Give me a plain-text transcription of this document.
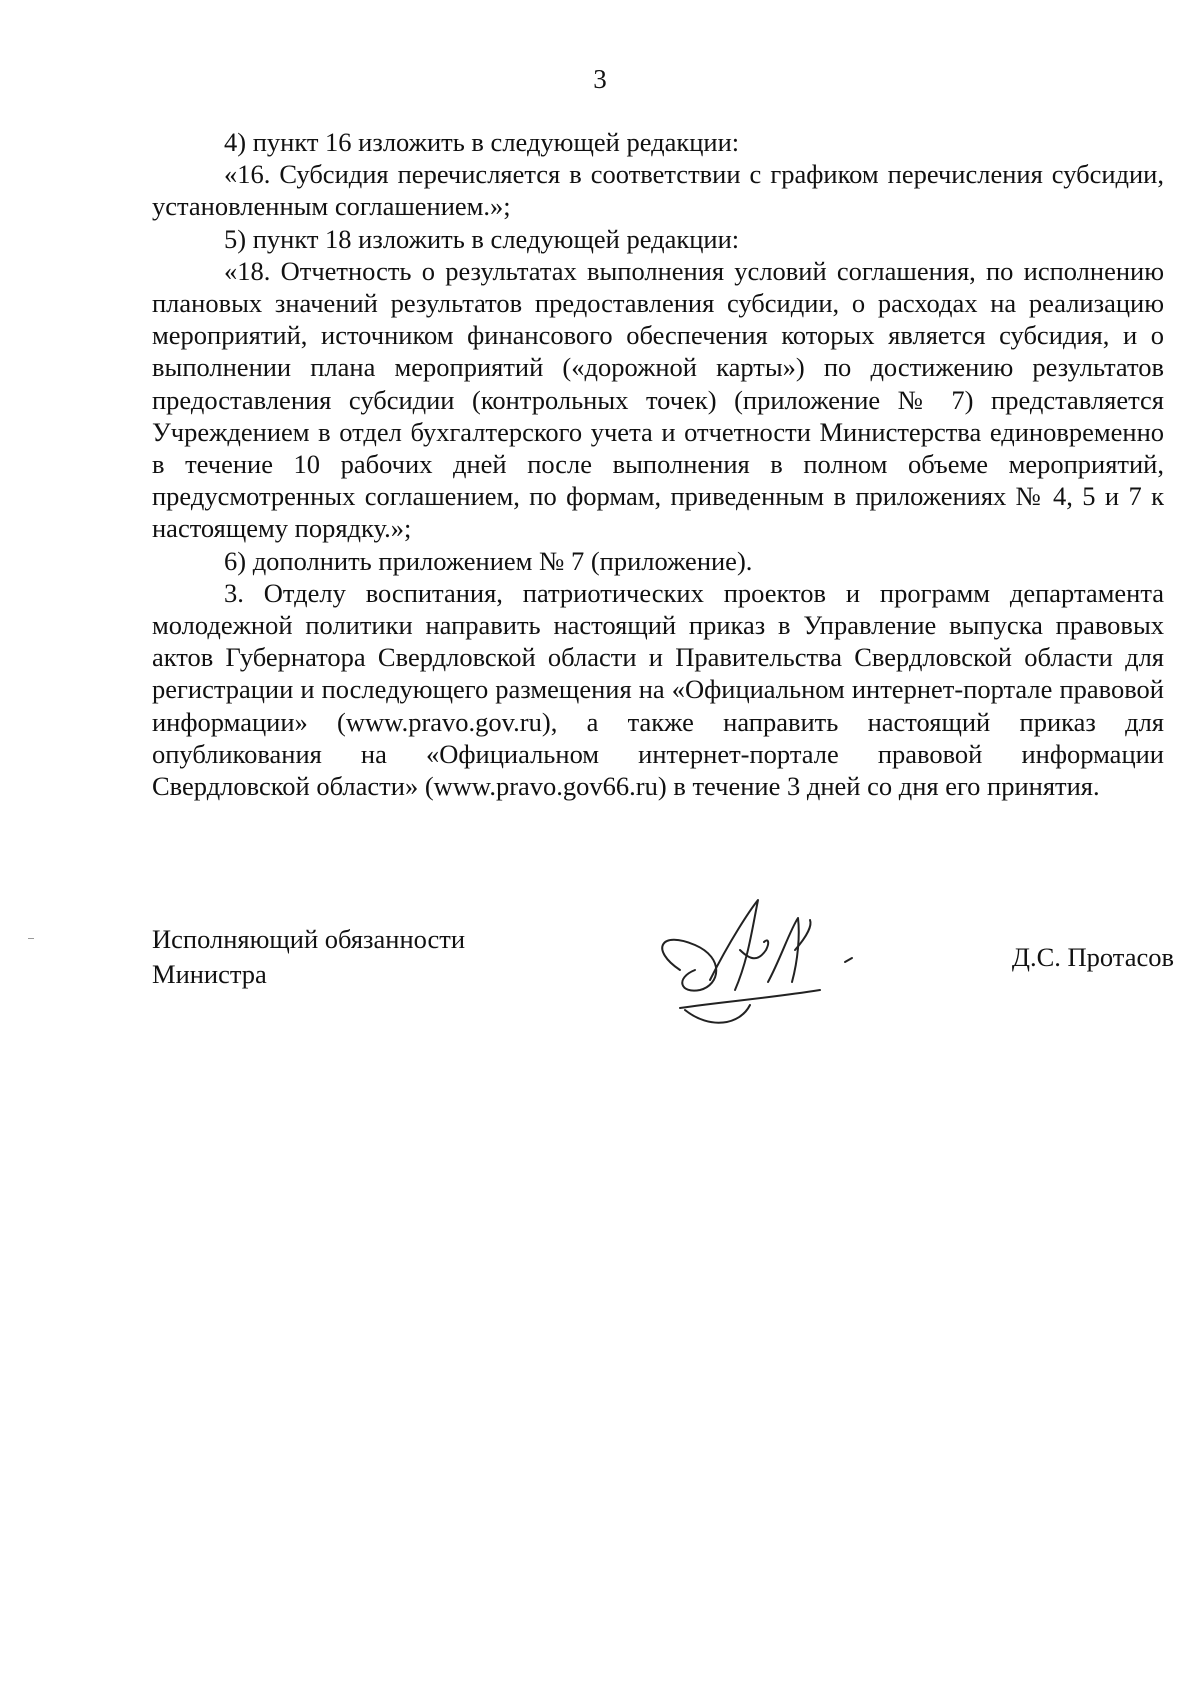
3

4) пункт 16 изложить в следующей редакции:

«16. Субсидия перечисляется в соответствии с графиком перечисления субсидии, установленным соглашением.»;

5) пункт 18 изложить в следующей редакции:

«18. Отчетность о результатах выполнения условий соглашения, по исполнению плановых значений результатов предоставления субсидии, о расходах на реализацию мероприятий, источником финансового обеспечения которых является субсидия, и о выполнении плана мероприятий («дорожной карты») по достижению результатов предоставления субсидии (контрольных точек) (приложение № 7) представляется Учреждением в отдел бухгалтерского учета и отчетности Министерства единовременно в течение 10 рабочих дней после выполнения в полном объеме мероприятий, предусмотренных соглашением, по формам, приведенным в приложениях № 4, 5 и 7 к настоящему порядку.»;

6) дополнить приложением № 7 (приложение).

3. Отделу воспитания, патриотических проектов и программ департамента молодежной политики направить настоящий приказ в Управление выпуска правовых актов Губернатора Свердловской области и Правительства Свердловской области для регистрации и последующего размещения на «Официальном интернет-портале правовой информации» (www.pravo.gov.ru), а также направить настоящий приказ для опубликования на «Официальном интернет-портале правовой информации Свердловской области» (www.pravo.gov66.ru) в течение 3 дней со дня его принятия.

Исполняющий обязанности
Министра
Д.С. Протасов
